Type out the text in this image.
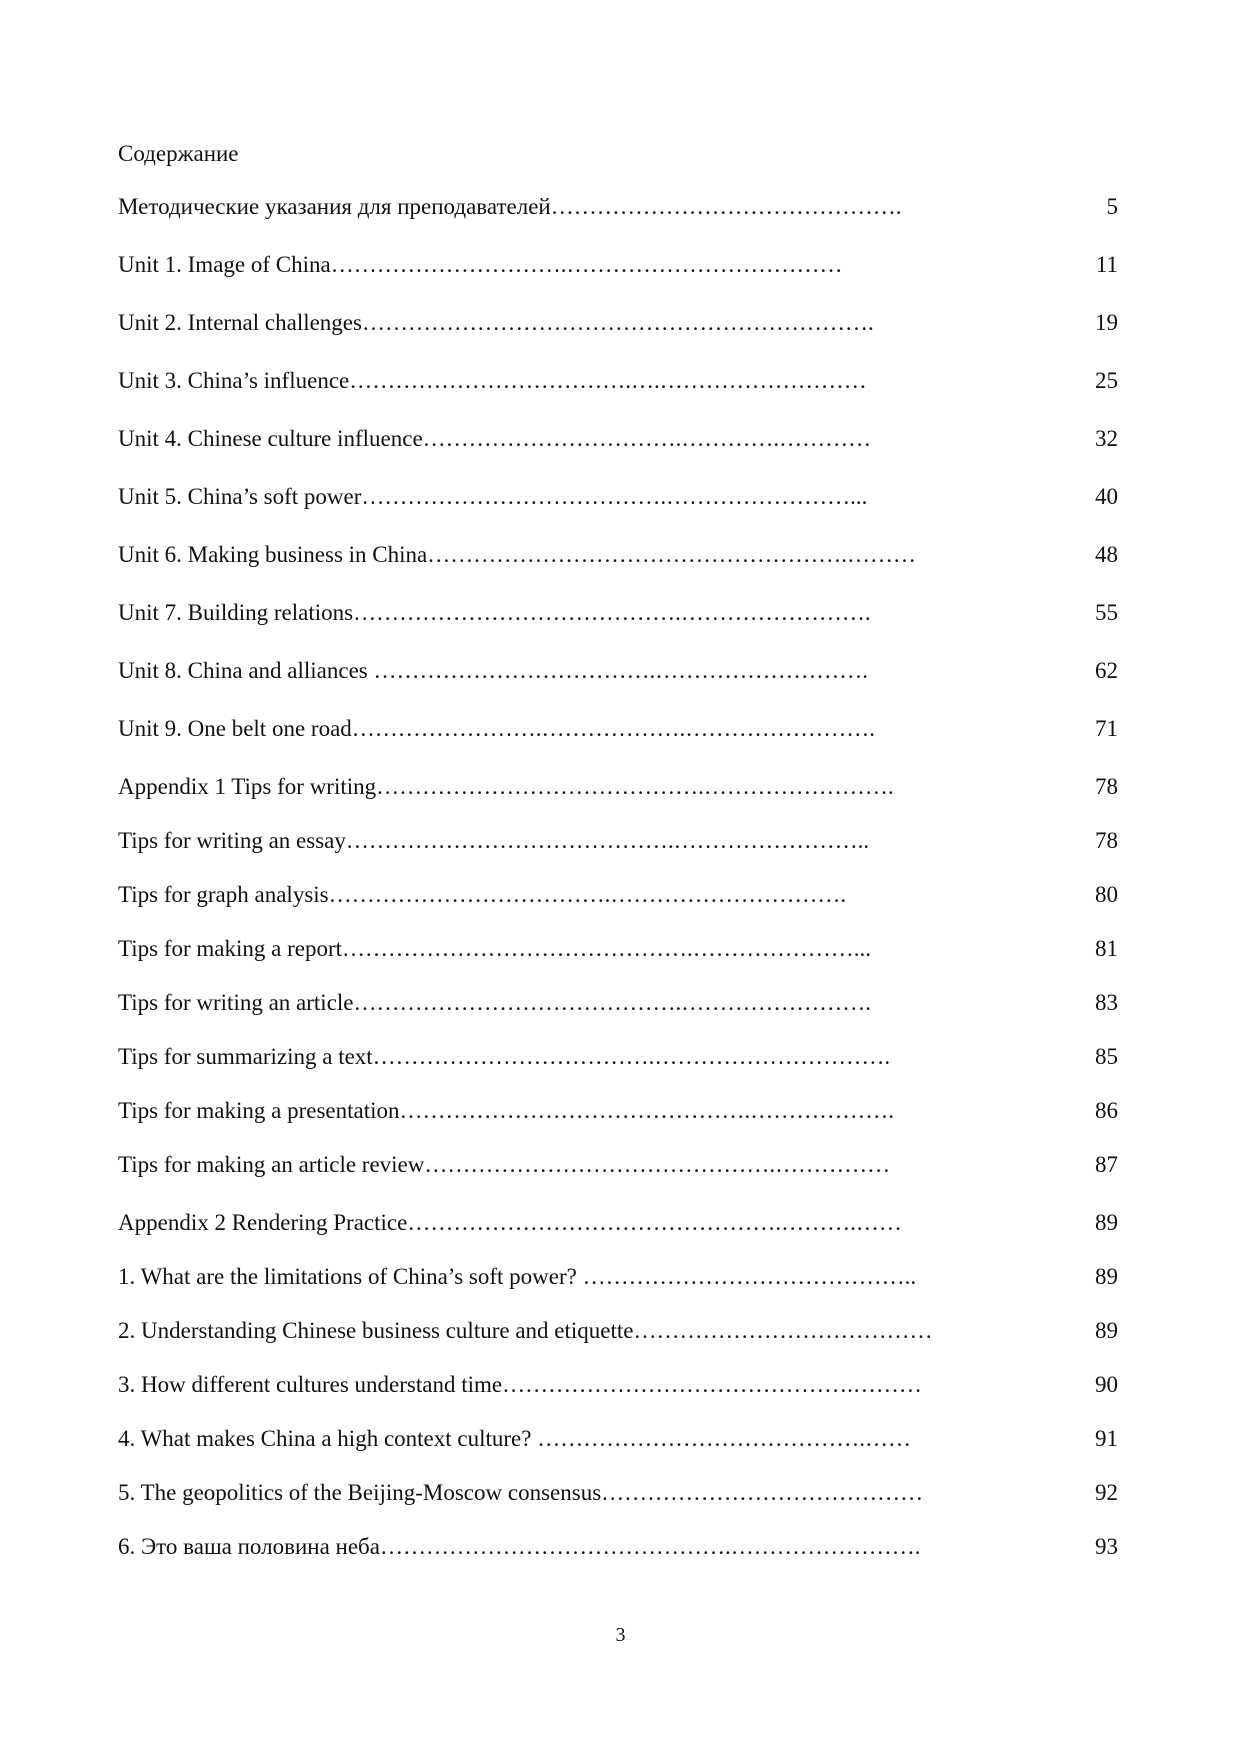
Содержание
Методические указания для преподавателей……………………………………….	5
Unit 1. Image of China………………………….………………………………	11
Unit 2. Internal challenges………………………………………………………….	19
Unit 3. China’s influence……………………………….….………………………	25
Unit 4. Chinese culture influence…………………………….………….…………	32
Unit 5. China’s soft power………………………………….……………………...	40
Unit 6. Making business in China……………………………………………….………	48
Unit 7. Building relations…………………………………….…………………….	55
Unit 8. China and alliances ……………………………….……………………….	62
Unit 9. One belt one road…………………….……………….…………………….	71
Appendix 1 Tips for writing…………………………………….…………………….	78
Tips for writing an essay…………………………………….……………………..	78
Tips for graph analysis……………………………….………………………….	80
Tips for making a report……………………………………….…………………...	81
Tips for writing an article…………………………………….…………………….	83
Tips for summarizing a text……………………………….………………………….	85
Tips for making a presentation……………………………………….……………….	86
Tips for making an article review……………………………………….……………	87
Appendix 2 Rendering Practice………………………………………….……….……	89
1. What are the limitations of China’s soft power? ……………………………………..	89
2. Understanding Chinese business culture and etiquette…………………………………	89
3. How different cultures understand time……………………………………….………	90
4. What makes China a high context culture? …………………………………….……	91
5. The geopolitics of the Beijing-Moscow consensus……………………………………	92
6. Это ваша половина неба……………………………………….…………………….	93
3
